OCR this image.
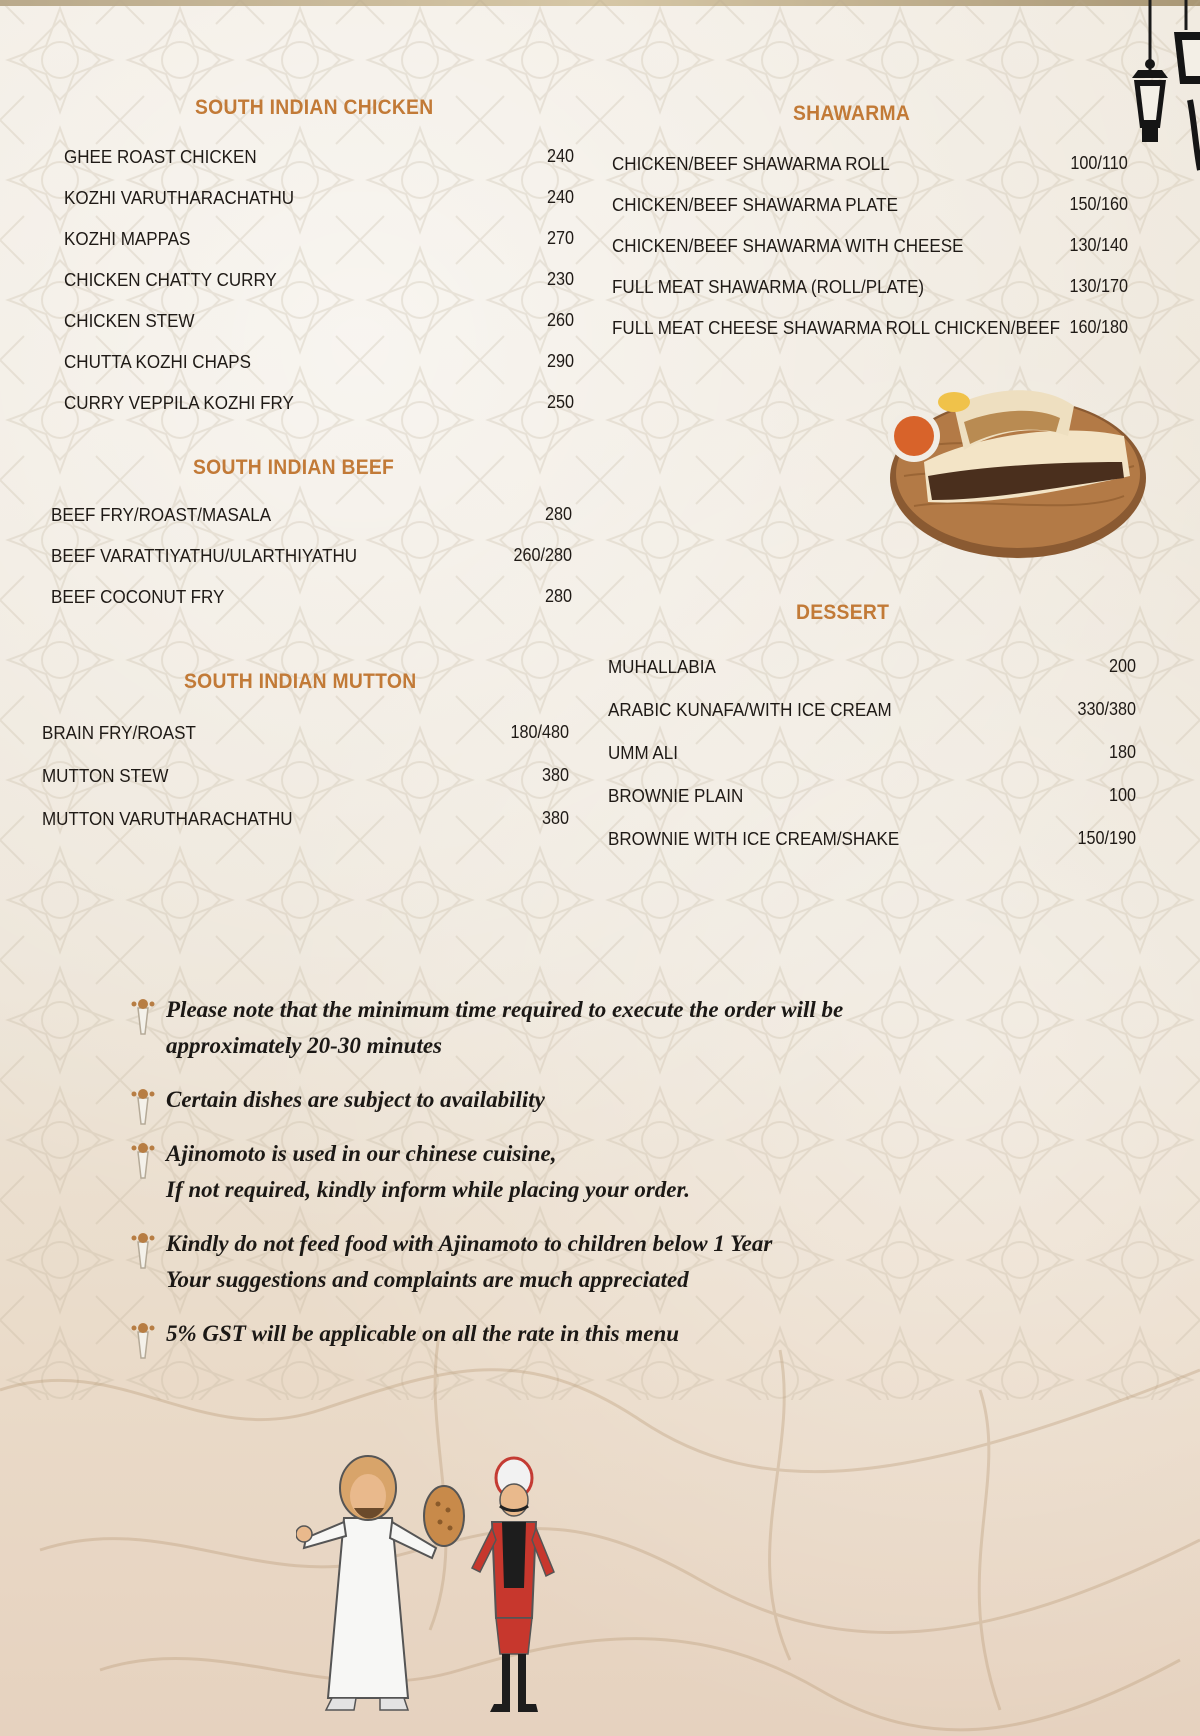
SOUTH INDIAN CHICKEN
GHEE ROAST CHICKEN	240
KOZHI VARUTHARACHATHU	240
KOZHI MAPPAS	270
CHICKEN CHATTY CURRY	230
CHICKEN STEW	260
CHUTTA KOZHI CHAPS	290
CURRY VEPPILA KOZHI FRY	250
SOUTH INDIAN BEEF
BEEF FRY/ROAST/MASALA	280
BEEF VARATTIYATHU/ULARTHIYATHU	260/280
BEEF COCONUT FRY	280
SOUTH INDIAN MUTTON
BRAIN FRY/ROAST	180/480
MUTTON STEW	380
MUTTON VARUTHARACHATHU	380
SHAWARMA
CHICKEN/BEEF SHAWARMA ROLL	100/110
CHICKEN/BEEF SHAWARMA PLATE	150/160
CHICKEN/BEEF SHAWARMA WITH CHEESE	130/140
FULL MEAT SHAWARMA (ROLL/PLATE)	130/170
FULL MEAT CHEESE SHAWARMA ROLL CHICKEN/BEEF 160/180
DESSERT
MUHALLABIA	200
ARABIC KUNAFA/WITH ICE CREAM	330/380
UMM ALI	180
BROWNIE PLAIN	100
BROWNIE WITH ICE CREAM/SHAKE	150/190
Please note that the minimum time required to execute the order will be
approximately 20-30 minutes
Certain dishes are subject to availability
Ajinomoto is used in our chinese cuisine,
If not required, kindly inform while placing your order.
Kindly do not feed food with Ajinamoto to children below 1 Year
Your suggestions and complaints are much appreciated
5% GST will be applicable on all the rate in this menu
